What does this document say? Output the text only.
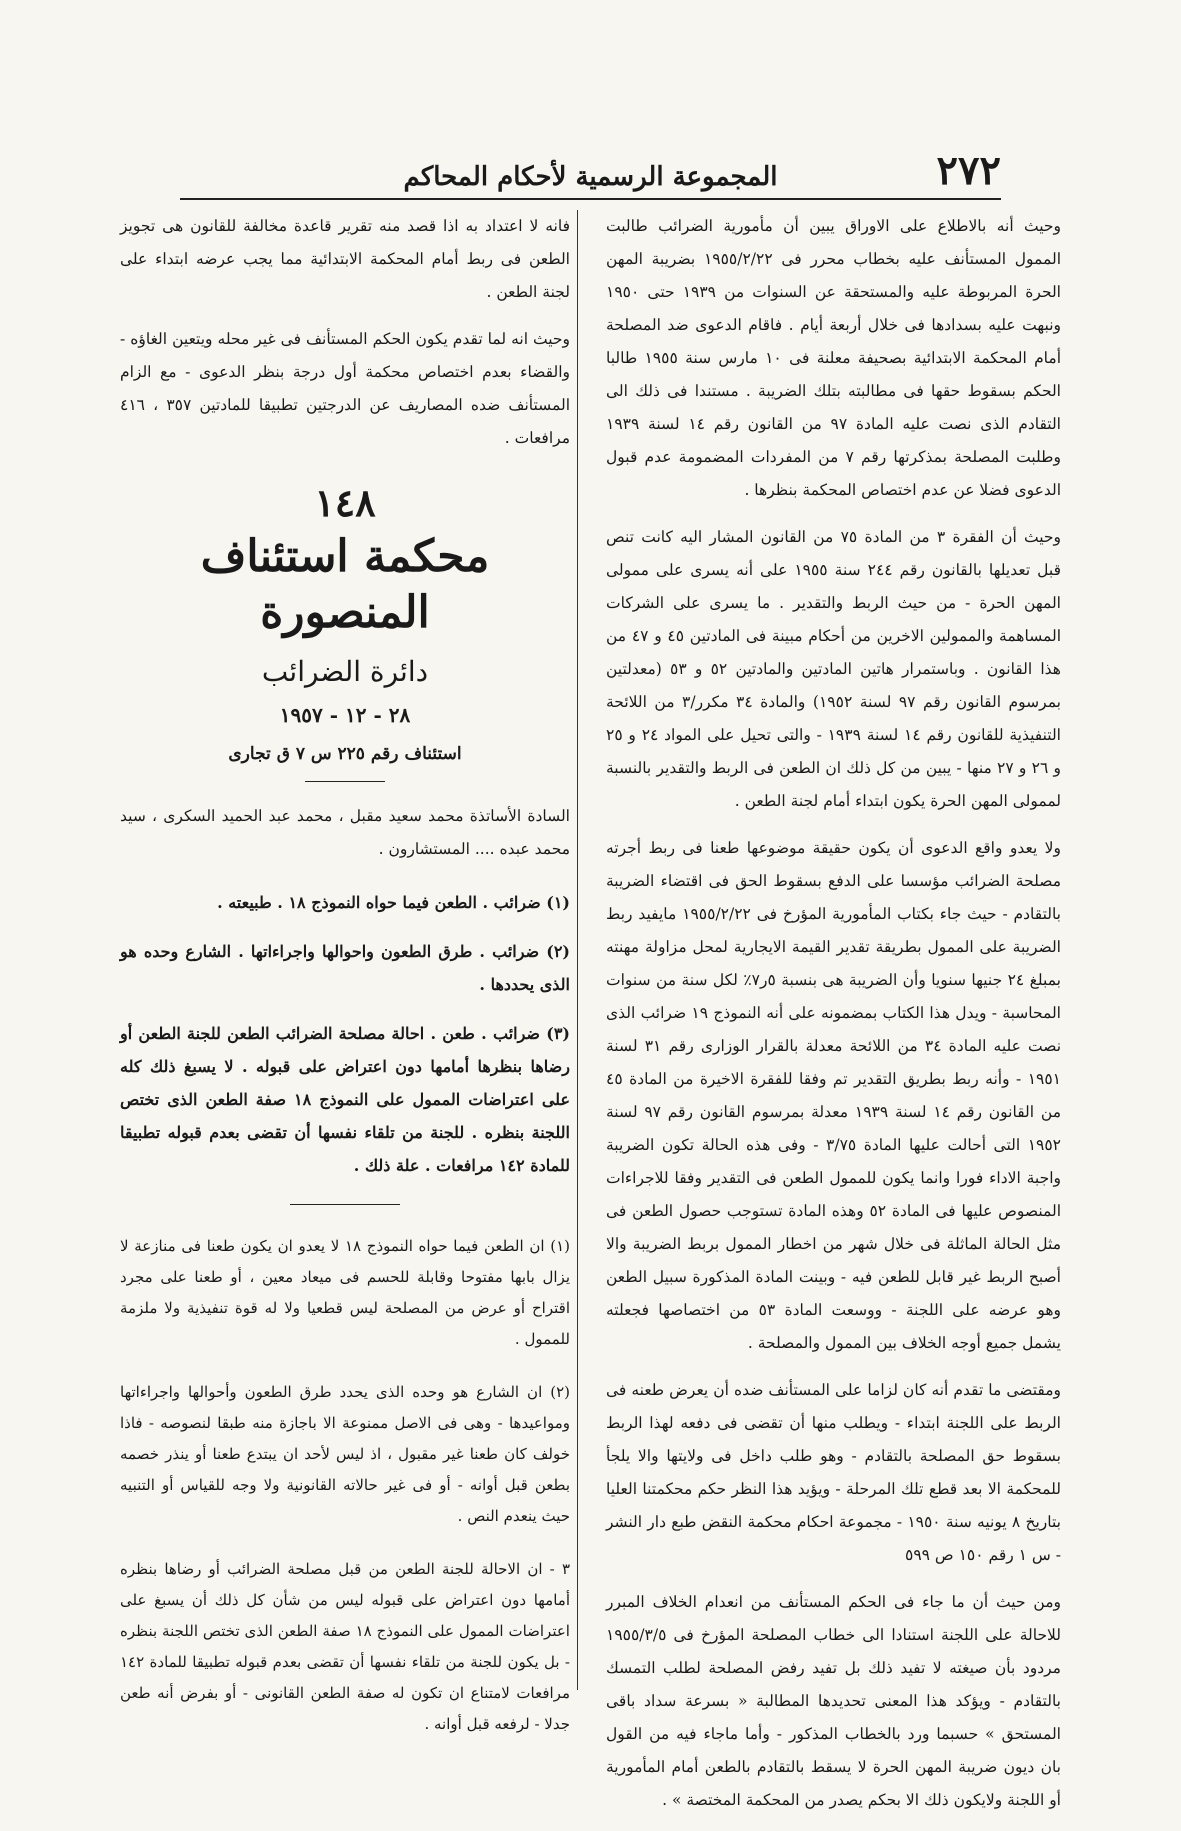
٢٧٢
المجموعة الرسمية لأحكام المحاكم

وحيث أنه بالاطلاع على الاوراق يبين أن مأمورية الضرائب طالبت الممول المستأنف عليه بخطاب محرر فى ١٩٥٥/٢/٢٢ بضريبة المهن الحرة المربوطة عليه والمستحقة عن السنوات من ١٩٣٩ حتى ١٩٥٠ ونبهت عليه بسدادها فى خلال أربعة أيام . فاقام الدعوى ضد المصلحة أمام المحكمة الابتدائية بصحيفة معلنة فى ١٠ مارس سنة ١٩٥٥ طالبا الحكم بسقوط حقها فى مطالبته بتلك الضريبة . مستندا فى ذلك الى التقادم الذى نصت عليه المادة ٩٧ من القانون رقم ١٤ لسنة ١٩٣٩ وطلبت المصلحة بمذكرتها رقم ٧ من المفردات المضمومة عدم قبول الدعوى فضلا عن عدم اختصاص المحكمة بنظرها .

وحيث أن الفقرة ٣ من المادة ٧٥ من القانون المشار اليه كانت تنص قبل تعديلها بالقانون رقم ٢٤٤ سنة ١٩٥٥ على أنه يسرى على ممولى المهن الحرة - من حيث الربط والتقدير . ما يسرى على الشركات المساهمة والممولين الاخرين من أحكام مبينة فى المادتين ٤٥ و ٤٧ من هذا القانون . وباستمرار هاتين المادتين والمادتين ٥٢ و ٥٣ (معدلتين بمرسوم القانون رقم ٩٧ لسنة ١٩٥٢) والمادة ٣٤ مكرر/٣ من اللائحة التنفيذية للقانون رقم ١٤ لسنة ١٩٣٩ - والتى تحيل على المواد ٢٤ و ٢٥ و ٢٦ و ٢٧ منها - يبين من كل ذلك ان الطعن فى الربط والتقدير بالنسبة لممولى المهن الحرة يكون ابتداء أمام لجنة الطعن .

ولا يعدو واقع الدعوى أن يكون حقيقة موضوعها طعنا فى ربط أجرته مصلحة الضرائب مؤسسا على الدفع بسقوط الحق فى اقتضاء الضريبة بالتقادم - حيث جاء بكتاب المأمورية المؤرخ فى ١٩٥٥/٢/٢٢ مايفيد ربط الضريبة على الممول بطريقة تقدير القيمة الايجارية لمحل مزاولة مهنته بمبلغ ٢٤ جنيها سنويا وأن الضريبة هى بنسبة ٥ر٧٪ لكل سنة من سنوات المحاسبة - ويدل هذا الكتاب بمضمونه على أنه النموذج ١٩ ضرائب الذى نصت عليه المادة ٣٤ من اللائحة معدلة بالقرار الوزارى رقم ٣١ لسنة ١٩٥١ - وأنه ربط بطريق التقدير تم وفقا للفقرة الاخيرة من المادة ٤٥ من القانون رقم ١٤ لسنة ١٩٣٩ معدلة بمرسوم القانون رقم ٩٧ لسنة ١٩٥٢ التى أحالت عليها المادة ٣/٧٥ - وفى هذه الحالة تكون الضريبة واجبة الاداء فورا وانما يكون للممول الطعن فى التقدير وفقا للاجراءات المنصوص عليها فى المادة ٥٢ وهذه المادة تستوجب حصول الطعن فى مثل الحالة الماثلة فى خلال شهر من اخطار الممول بربط الضريبة والا أصبح الربط غير قابل للطعن فيه - وبينت المادة المذكورة سبيل الطعن وهو عرضه على اللجنة - ووسعت المادة ٥٣ من اختصاصها فجعلته يشمل جميع أوجه الخلاف بين الممول والمصلحة .

ومقتضى ما تقدم أنه كان لزاما على المستأنف ضده أن يعرض طعنه فى الربط على اللجنة ابتداء - ويطلب منها أن تقضى فى دفعه لهذا الربط بسقوط حق المصلحة بالتقادم - وهو طلب داخل فى ولايتها والا يلجأ للمحكمة الا بعد قطع تلك المرحلة - ويؤيد هذا النظر حكم محكمتنا العليا بتاريخ ٨ يونيه سنة ١٩٥٠ - مجموعة احكام محكمة النقض طبع دار النشر - س ١ رقم ١٥٠ ص ٥٩٩

ومن حيث أن ما جاء فى الحكم المستأنف من انعدام الخلاف المبرر للاحالة على اللجنة استنادا الى خطاب المصلحة المؤرخ فى ١٩٥٥/٣/٥ مردود بأن صيغته لا تفيد ذلك بل تفيد رفض المصلحة لطلب التمسك بالتقادم - ويؤكد هذا المعنى تحديدها المطالبة « بسرعة سداد باقى المستحق » حسبما ورد بالخطاب المذكور - وأما ماجاء فيه من القول بان ديون ضريبة المهن الحرة لا يسقط بالتقادم بالطعن أمام المأمورية أو اللجنة ولايكون ذلك الا بحكم يصدر من المحكمة المختصة » .

فانه لا اعتداد به اذا قصد منه تقرير قاعدة مخالفة للقانون هى تجويز الطعن فى ربط أمام المحكمة الابتدائية مما يجب عرضه ابتداء على لجنة الطعن .

وحيث انه لما تقدم يكون الحكم المستأنف فى غير محله ويتعين الغاؤه - والقضاء بعدم اختصاص محكمة أول درجة بنظر الدعوى - مع الزام المستأنف ضده المصاريف عن الدرجتين تطبيقا للمادتين ٣٥٧ ، ٤١٦ مرافعات .

١٤٨
محكمة استئناف المنصورة
دائرة الضرائب
٢٨ - ١٢ - ١٩٥٧
استئناف رقم ٢٢٥ س ٧ ق تجارى

السادة الأساتذة محمد سعيد مقبل ، محمد عبد الحميد السكرى ، سيد محمد عبده .... المستشارون .

(١) ضرائب . الطعن فيما حواه النموذج ١٨ . طبيعته .

(٢) ضرائب . طرق الطعون واحوالها واجراءاتها . الشارع وحده هو الذى يحددها .

(٣) ضرائب . طعن . احالة مصلحة الضرائب الطعن للجنة الطعن أو رضاها بنظرها أمامها دون اعتراض على قبوله . لا يسبغ ذلك كله على اعتراضات الممول على النموذج ١٨ صفة الطعن الذى تختص اللجنة بنظره . للجنة من تلقاء نفسها أن تقضى بعدم قبوله تطبيقا للمادة ١٤٢ مرافعات . علة ذلك .

(١) ان الطعن فيما حواه النموذج ١٨ لا يعدو ان يكون طعنا فى منازعة لا يزال بابها مفتوحا وقابلة للحسم فى ميعاد معين ، أو طعنا على مجرد اقتراح أو عرض من المصلحة ليس قطعيا ولا له قوة تنفيذية ولا ملزمة للممول .

(٢) ان الشارع هو وحده الذى يحدد طرق الطعون وأحوالها واجراءاتها ومواعيدها - وهى فى الاصل ممنوعة الا باجازة منه طبقا لنصوصه - فاذا خولف كان طعنا غير مقبول ، اذ ليس لأحد ان يبتدع طعنا أو ينذر خصمه بطعن قبل أوانه - أو فى غير حالاته القانونية ولا وجه للقياس أو التنبيه حيث ينعدم النص .

٣ - ان الاحالة للجنة الطعن من قبل مصلحة الضرائب أو رضاها بنظره أمامها دون اعتراض على قبوله ليس من شأن كل ذلك أن يسبغ على اعتراضات الممول على النموذج ١٨ صفة الطعن الذى تختص اللجنة بنظره - بل يكون للجنة من تلقاء نفسها أن تقضى بعدم قبوله تطبيقا للمادة ١٤٢ مرافعات لامتناع ان تكون له صفة الطعن القانونى - أو بفرض أنه طعن جدلا - لرفعه قبل أوانه .
